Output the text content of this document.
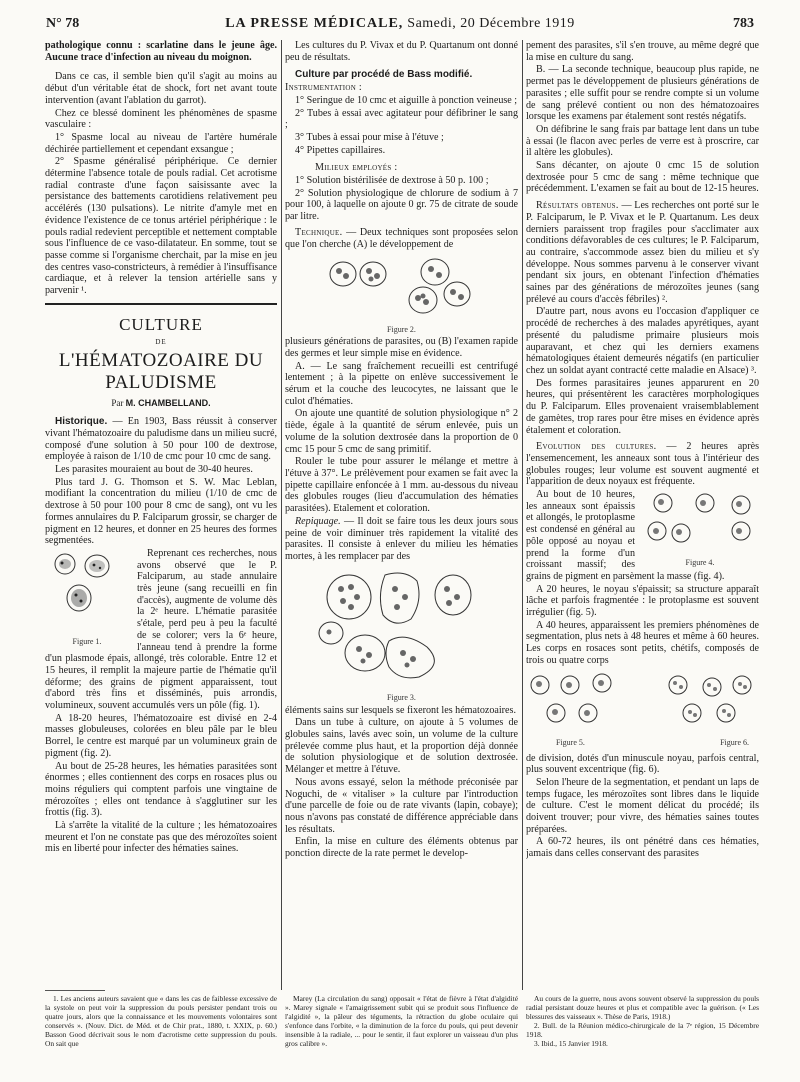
N° 78	LA PRESSE MÉDICALE, Samedi, 20 Décembre 1919	783

pathologique connu : scarlatine dans le jeune âge. Aucune trace d'infection au niveau du moignon.

Dans ce cas, il semble bien qu'il s'agit au moins au début d'un véritable état de shock, fort net avant toute intervention (avant l'ablation du garrot).

Chez ce blessé dominent les phénomènes de spasme vasculaire :

1° Spasme local au niveau de l'artère humérale déchirée partiellement et cependant exsangue ;

2° Spasme généralisé périphérique. Ce dernier détermine l'absence totale de pouls radial. Cet acrotisme radial contraste d'une façon saisissante avec la persistance des battements carotidiens relativement peu accélérés (130 pulsations). Le nitrite d'amyle met en évidence l'existence de ce tonus artériel périphérique : le pouls radial redevient perceptible et nettement comptable sous l'influence de ce vaso-dilatateur. En somme, tout se passe comme si l'organisme cherchait, par la mise en jeu des centres vaso-constricteurs, à remédier à l'insuffisance cardiaque, et à relever la tension artérielle sans y parvenir ¹.

CULTURE
DE
L'HÉMATOZOAIRE DU PALUDISME
Par M. CHAMBELLAND.

Historique. — En 1903, Bass réussit à conserver vivant l'hématozoaire du paludisme dans un milieu sucré, composé d'une solution à 50 pour 100 de dextrose, employée à raison de 1/10 de cmc pour 10 cmc de sang.

Les parasites mouraient au bout de 30-40 heures.

Plus tard J. G. Thomson et S. W. Mac Leblan, modifiant la concentration du milieu (1/10 de cmc de dextrose à 50 pour 100 pour 8 cmc de sang), ont vu les formes annulaires du P. Falciparum grossir, se charger de pigment en 12 heures, et donner en 25 heures des formes segmentées.

Figure 1.

Reprenant ces recherches, nous avons observé que le P. Falciparum, au stade annulaire très jeune (sang recueilli en fin d'accès), augmente de volume dès la 2ᵉ heure. L'hématie parasitée s'étale, perd peu à peu la faculté de se colorer; vers la 6ᵉ heure, l'anneau tend à prendre la forme d'un plasmode épais, allongé, très colorable. Entre 12 et 15 heures, il remplit la majeure partie de l'hématie qu'il déforme; des grains de pigment apparaissent, tout d'abord très fins et disséminés, puis arrondis, volumineux, souvent accumulés vers un pôle (fig. 1).

A 18-20 heures, l'hématozoaire est divisé en 2-4 masses globuleuses, colorées en bleu pâle par le bleu Borrel, le centre est marqué par un volumineux grain de pigment (fig. 2).

Au bout de 25-28 heures, les hématies parasitées sont énormes ; elles contiennent des corps en rosaces plus ou moins réguliers qui comptent parfois une vingtaine de mérozoïtes ; elles ont tendance à s'agglutiner sur les frottis (fig. 3).

Là s'arrête la vitalité de la culture ; les hématozoaires meurent et l'on ne constate pas que des mérozoïtes soient mis en liberté pour infecter des hématies saines.

Les cultures du P. Vivax et du P. Quartanum ont donné peu de résultats.

Culture par procédé de Bass modifié.

Instrumentation :

1° Seringue de 10 cmc et aiguille à ponction veineuse ;

2° Tubes à essai avec agitateur pour défibriner le sang ;

3° Tubes à essai pour mise à l'étuve ;

4° Pipettes capillaires.

Milieux employés :

1° Solution bistérilisée de dextrose à 50 p. 100 ;

2° Solution physiologique de chlorure de sodium à 7 pour 100, à laquelle on ajoute 0 gr. 75 de citrate de soude par litre.

Technique. — Deux techniques sont proposées selon que l'on cherche (A) le développement de

Figure 2.

plusieurs générations de parasites, ou (B) l'examen rapide des germes et leur simple mise en évidence.

A. — Le sang fraîchement recueilli est centrifugé lentement ; à la pipette on enlève successivement le sérum et la couche des leucocytes, ne laissant que le culot d'hématies.

On ajoute une quantité de solution physiologique n° 2 tiède, égale à la quantité de sérum enlevée, puis un volume de la solution dextrosée dans la proportion de 0 cmc 15 pour 5 cmc de sang primitif.

Rouler le tube pour assurer le mélange et mettre à l'étuve à 37°. Le prélèvement pour examen se fait avec la pipette capillaire enfoncée à 1 mm. au-dessous du niveau des globules rouges (lieu d'accumulation des hématies parasitées). Etalement et coloration.

Repiquage. — Il doit se faire tous les deux jours sous peine de voir diminuer très rapidement la vitalité des parasites. Il consiste à enlever du milieu les hématies mortes, à les remplacer par des

Figure 3.

éléments sains sur lesquels se fixeront les hématozoaires.

Dans un tube à culture, on ajoute à 5 volumes de globules sains, lavés avec soin, un volume de la culture prélevée comme plus haut, et la proportion déjà donnée de solution physiologique et de solution dextrosée. Mélanger et mettre à l'étuve.

Nous avons essayé, selon la méthode préconisée par Noguchi, de « vitaliser » la culture par l'introduction d'une parcelle de foie ou de rate vivants (lapin, cobaye); nous n'avons pas constaté de différence appréciable dans les résultats.

Enfin, la mise en culture des éléments obtenus par ponction directe de la rate permet le develop-

pement des parasites, s'il s'en trouve, au même degré que la mise en culture du sang.

B. — La seconde technique, beaucoup plus rapide, ne permet pas le développement de plusieurs générations de parasites ; elle suffit pour se rendre compte si un volume de sang prélevé contient ou non des hématozoaires lorsque les examens par étalement sont restés négatifs.

On défibrine le sang frais par battage lent dans un tube à essai (le flacon avec perles de verre est à proscrire, car il altère les globules).

Sans décanter, on ajoute 0 cmc 15 de solution dextrosée pour 5 cmc de sang : même technique que précédemment. L'examen se fait au bout de 12-15 heures.

Résultats obtenus. — Les recherches ont porté sur le P. Falciparum, le P. Vivax et le P. Quartanum. Les deux derniers paraissent trop fragiles pour s'acclimater aux conditions défavorables de ces cultures; le P. Falciparum, au contraire, s'accommode assez bien du milieu et s'y développe. Nous sommes parvenu à le conserver vivant pendant six jours, en obtenant l'infection d'hématies saines par des générations de mérozoïtes jeunes (sang prélevé au cours d'accès fébriles) ².

D'autre part, nous avons eu l'occasion d'appliquer ce procédé de recherches à des malades apyrétiques, ayant présenté du paludisme primaire plusieurs mois auparavant, et chez qui les derniers examens hématologiques étaient demeurés négatifs (en particulier chez un soldat ayant contracté cette maladie en Alsace) ³.

Des formes parasitaires jeunes apparurent en 20 heures, qui présentèrent les caractères morphologiques du P. Falciparum. Elles provenaient vraisemblablement de gamètes, trop rares pour être mises en évidence après étalement et coloration.

Evolution des cultures. — 2 heures après l'ensemencement, les anneaux sont tous à l'intérieur des globules rouges; leur volume est souvent augmenté et l'apparition de deux noyaux est fréquente.

Figure 4.

Au bout de 10 heures, les anneaux sont épaissis et allongés, le protoplasme est condensé en général au pôle opposé au noyau et prend la forme d'un croissant massif; des grains de pigment en parsèment la masse (fig. 4).

A 20 heures, le noyau s'épaissit; sa structure apparaît lâche et parfois fragmentée : le protoplasme est souvent irrégulier (fig. 5).

A 40 heures, apparaissent les premiers phénomènes de segmentation, plus nets à 48 heures et même à 60 heures. Les corps en rosaces sont petits, chétifs, composés de trois ou quatre corps

Figure 5.	Figure 6.

de division, dotés d'un minuscule noyau, parfois central, plus souvent excentrique (fig. 6).

Selon l'heure de la segmentation, et pendant un laps de temps fugace, les mérozoïtes sont libres dans le liquide de culture. C'est le moment délicat du procédé; ils doivent trouver; pour vivre, des hématies saines toutes préparées.

A 60-72 heures, ils ont pénétré dans ces hématies, jamais dans celles conservant des parasites

1. Les anciens auteurs savaient que « dans les cas de faiblesse excessive de la systole on peut voir la suppression du pouls persister pendant trois ou quatre jours, alors que la connaissance et les mouvements volontaires sont conservés ». (Nouv. Dict. de Méd. et de Chir prat., 1880, t. XXIX, p. 60.) Basson Good décrivait sous le nom d'acrotisme cette suppression du pouls. On sait que

Marey (La circulation du sang) opposait « l'état de fièvre à l'état d'algidité ». Marey signale « l'amaigrissement subit qui se produit sous l'influence de l'algidité », la pâleur des téguments, la rétraction du globe oculaire qui s'enfonce dans l'orbite, « la diminution de la force du pouls, qui peut devenir insensible à la radiale, ... pour le sentir, il faut explorer un vaisseau d'un plus gros calibre ».

Au cours de la guerre, nous avons souvent observé la suppression du pouls radial persistant douze heures et plus et compatible avec la guérison. (« Les blessures des vaisseaux ». Thèse de Paris, 1918.)

2. Bull. de la Réunion médico-chirurgicale de la 7ᵉ région, 15 Décembre 1918.

3. Ibid., 15 Janvier 1918.
